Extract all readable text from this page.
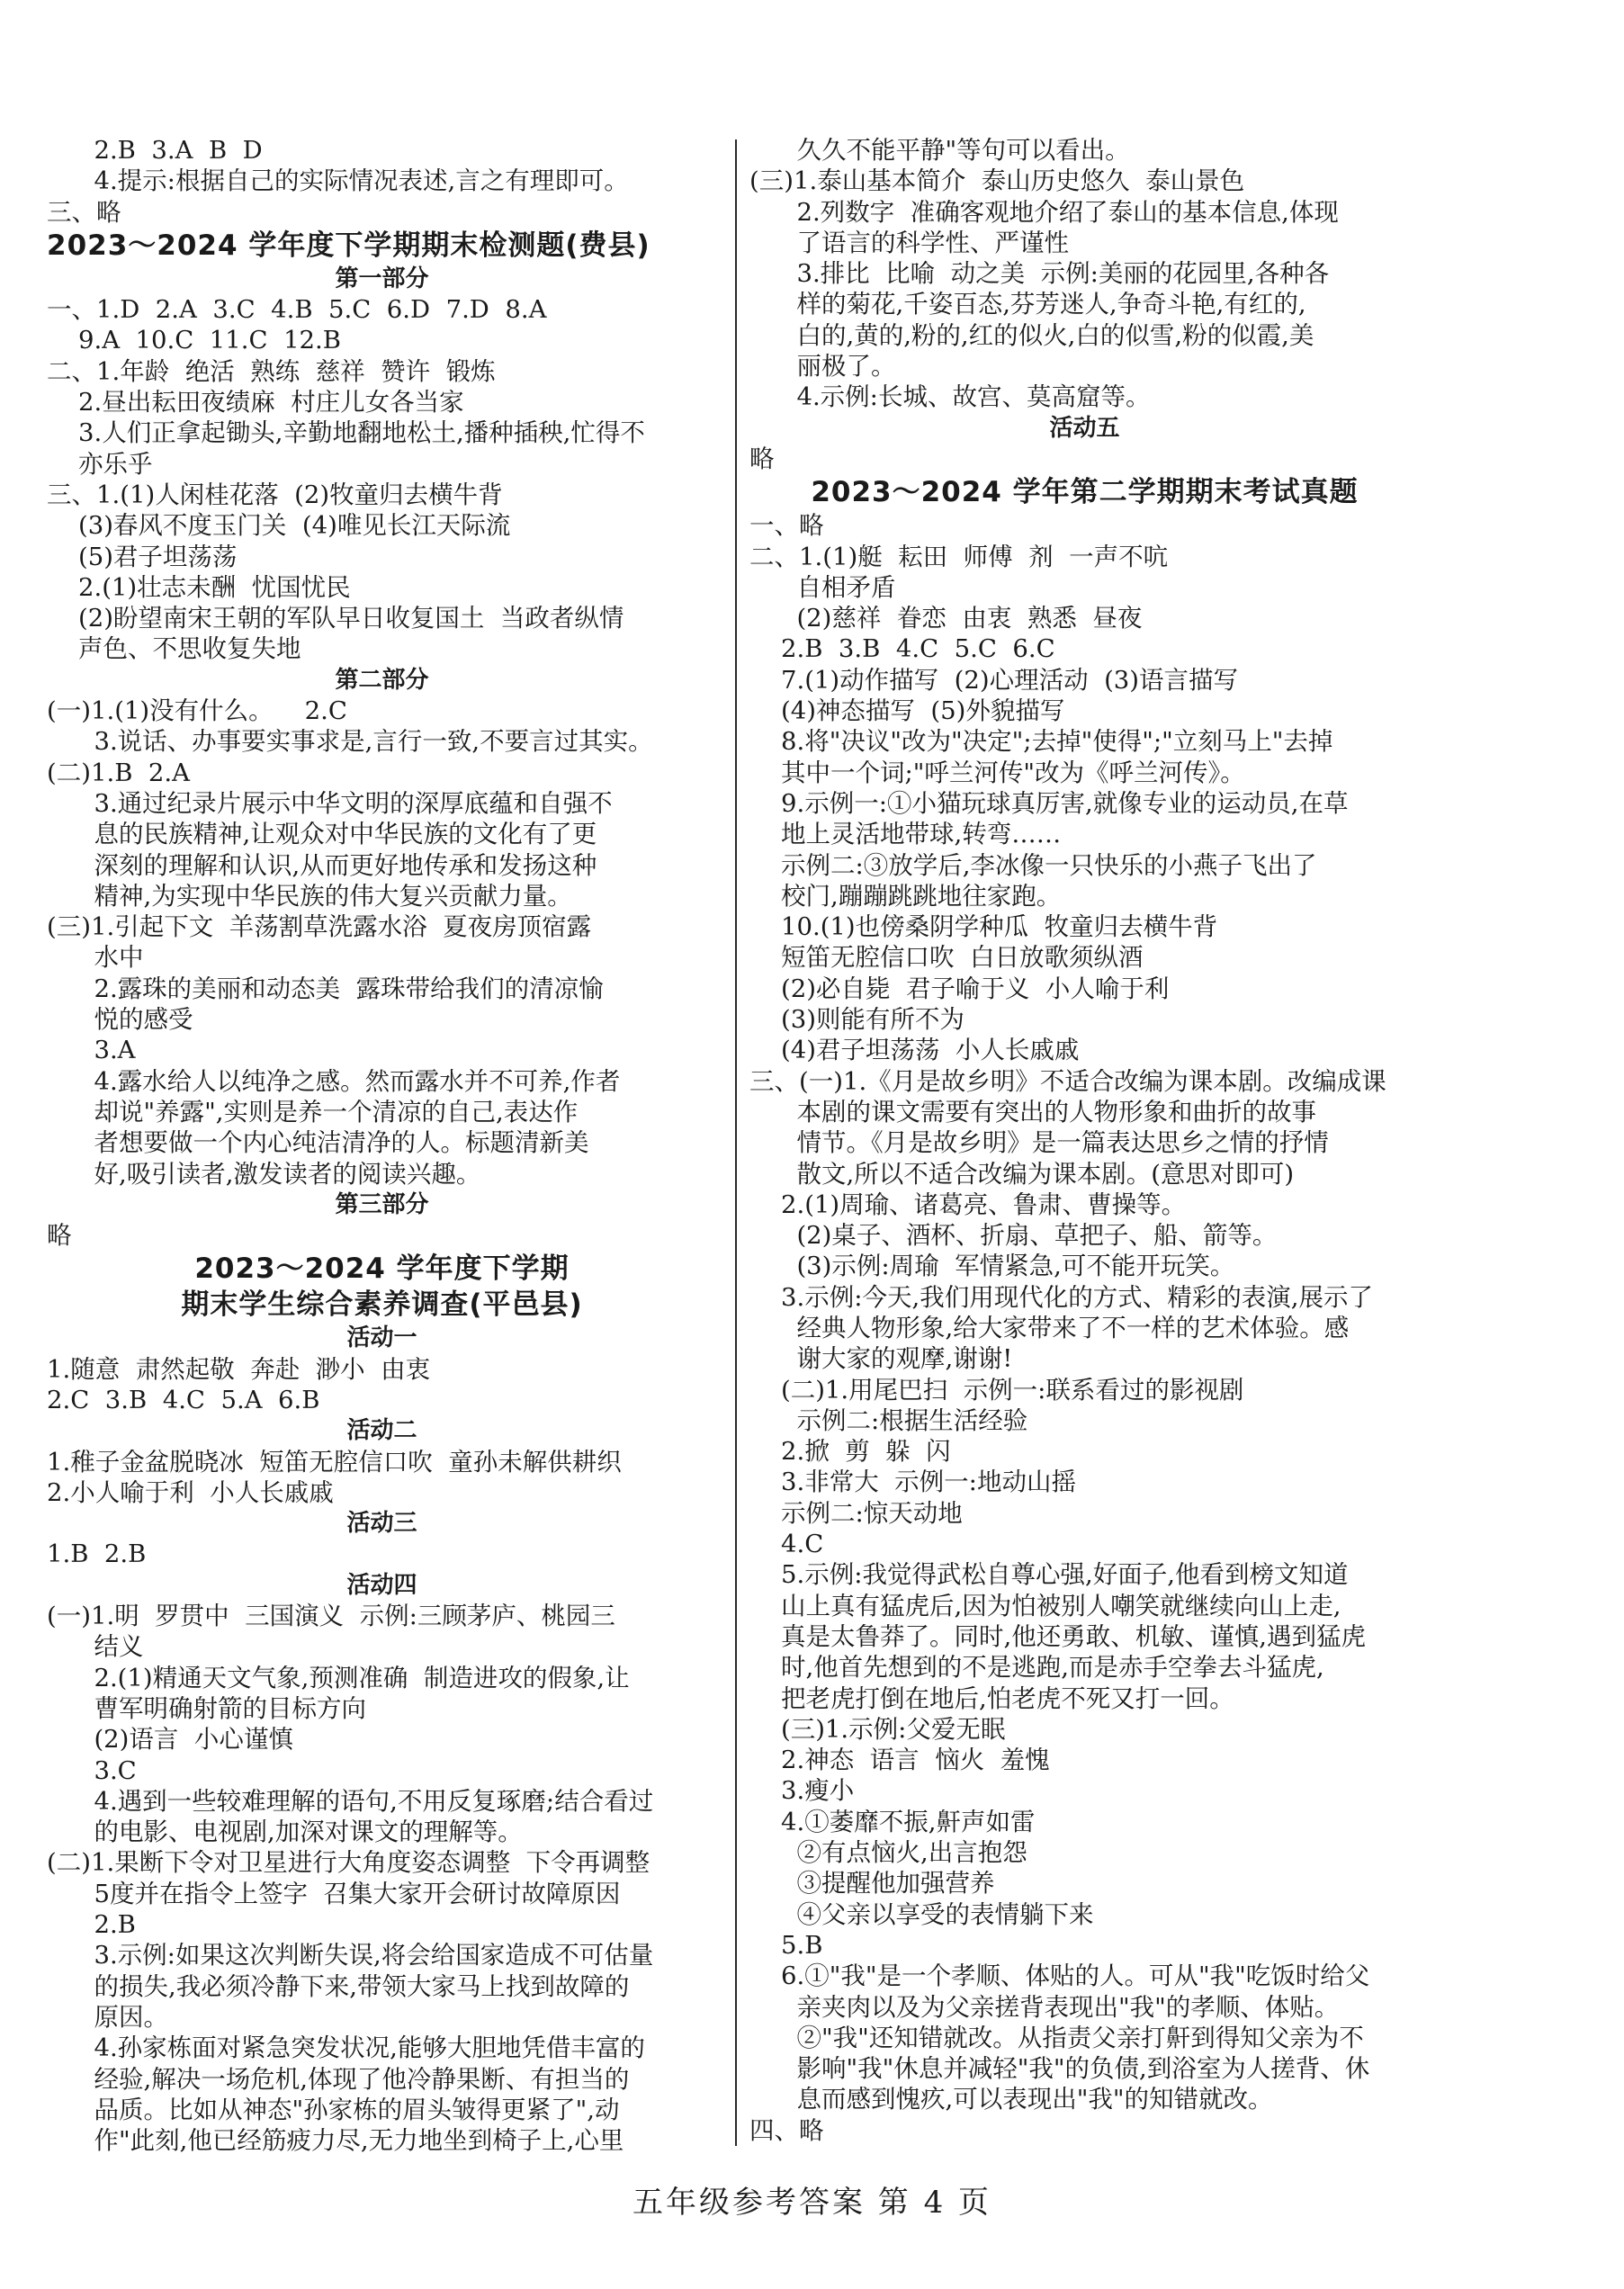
2.B  3.A  B  D
4.提示:根据自己的实际情况表述,言之有理即可。
三、略
2023～2024 学年度下学期期末检测题(费县)
第一部分
一、1.D  2.A  3.C  4.B  5.C  6.D  7.D  8.A
9.A  10.C  11.C  12.B
二、1.年龄  绝活  熟练  慈祥  赞许  锻炼
2.昼出耘田夜绩麻  村庄儿女各当家
3.人们正拿起锄头,辛勤地翻地松土,播种插秧,忙得不
亦乐乎
三、1.(1)人闲桂花落  (2)牧童归去横牛背
(3)春风不度玉门关  (4)唯见长江天际流
(5)君子坦荡荡
2.(1)壮志未酬  忧国忧民
(2)盼望南宋王朝的军队早日收复国土  当政者纵情
声色、不思收复失地
第二部分
(一)1.(1)没有什么。    2.C
3.说话、办事要实事求是,言行一致,不要言过其实。
(二)1.B  2.A
3.通过纪录片展示中华文明的深厚底蕴和自强不
息的民族精神,让观众对中华民族的文化有了更
深刻的理解和认识,从而更好地传承和发扬这种
精神,为实现中华民族的伟大复兴贡献力量。
(三)1.引起下文  羊荡割草洗露水浴  夏夜房顶宿露
水中
2.露珠的美丽和动态美  露珠带给我们的清凉愉
悦的感受
3.A
4.露水给人以纯净之感。然而露水并不可养,作者
却说"养露",实则是养一个清凉的自己,表达作
者想要做一个内心纯洁清净的人。标题清新美
好,吸引读者,激发读者的阅读兴趣。
第三部分
略
2023～2024 学年度下学期
期末学生综合素养调查(平邑县)
活动一
1.随意  肃然起敬  奔赴  渺小  由衷
2.C  3.B  4.C  5.A  6.B
活动二
1.稚子金盆脱晓冰  短笛无腔信口吹  童孙未解供耕织
2.小人喻于利  小人长戚戚
活动三
1.B  2.B
活动四
(一)1.明  罗贯中  三国演义  示例:三顾茅庐、桃园三
结义
2.(1)精通天文气象,预测准确  制造进攻的假象,让
曹军明确射箭的目标方向
(2)语言  小心谨慎
3.C
4.遇到一些较难理解的语句,不用反复琢磨;结合看过
的电影、电视剧,加深对课文的理解等。
(二)1.果断下令对卫星进行大角度姿态调整  下令再调整
5度并在指令上签字  召集大家开会研讨故障原因
2.B
3.示例:如果这次判断失误,将会给国家造成不可估量
的损失,我必须冷静下来,带领大家马上找到故障的
原因。
4.孙家栋面对紧急突发状况,能够大胆地凭借丰富的
经验,解决一场危机,体现了他冷静果断、有担当的
品质。比如从神态"孙家栋的眉头皱得更紧了",动
作"此刻,他已经筋疲力尽,无力地坐到椅子上,心里
久久不能平静"等句可以看出。
(三)1.泰山基本简介  泰山历史悠久  泰山景色
2.列数字  准确客观地介绍了泰山的基本信息,体现
了语言的科学性、严谨性
3.排比  比喻  动之美  示例:美丽的花园里,各种各
样的菊花,千姿百态,芬芳迷人,争奇斗艳,有红的,
白的,黄的,粉的,红的似火,白的似雪,粉的似霞,美
丽极了。
4.示例:长城、故宫、莫高窟等。
活动五
略
2023～2024 学年第二学期期末考试真题
一、略
二、1.(1)艇  耘田  师傅  剂  一声不吭
自相矛盾
(2)慈祥  眷恋  由衷  熟悉  昼夜
2.B  3.B  4.C  5.C  6.C
7.(1)动作描写  (2)心理活动  (3)语言描写
(4)神态描写  (5)外貌描写
8.将"决议"改为"决定";去掉"使得";"立刻马上"去掉
其中一个词;"呼兰河传"改为《呼兰河传》。
9.示例一:①小猫玩球真厉害,就像专业的运动员,在草
地上灵活地带球,转弯……
示例二:③放学后,李冰像一只快乐的小燕子飞出了
校门,蹦蹦跳跳地往家跑。
10.(1)也傍桑阴学种瓜  牧童归去横牛背
短笛无腔信口吹  白日放歌须纵酒
(2)必自毙  君子喻于义  小人喻于利
(3)则能有所不为
(4)君子坦荡荡  小人长戚戚
三、(一)1.《月是故乡明》不适合改编为课本剧。改编成课
本剧的课文需要有突出的人物形象和曲折的故事
情节。《月是故乡明》是一篇表达思乡之情的抒情
散文,所以不适合改编为课本剧。(意思对即可)
2.(1)周瑜、诸葛亮、鲁肃、曹操等。
(2)桌子、酒杯、折扇、草把子、船、箭等。
(3)示例:周瑜  军情紧急,可不能开玩笑。
3.示例:今天,我们用现代化的方式、精彩的表演,展示了
经典人物形象,给大家带来了不一样的艺术体验。感
谢大家的观摩,谢谢!
(二)1.用尾巴扫  示例一:联系看过的影视剧
示例二:根据生活经验
2.掀  剪  躲  闪
3.非常大  示例一:地动山摇
示例二:惊天动地
4.C
5.示例:我觉得武松自尊心强,好面子,他看到榜文知道
山上真有猛虎后,因为怕被别人嘲笑就继续向山上走,
真是太鲁莽了。同时,他还勇敢、机敏、谨慎,遇到猛虎
时,他首先想到的不是逃跑,而是赤手空拳去斗猛虎,
把老虎打倒在地后,怕老虎不死又打一回。
(三)1.示例:父爱无眠
2.神态  语言  恼火  羞愧
3.瘦小
4.①萎靡不振,鼾声如雷
②有点恼火,出言抱怨
③提醒他加强营养
④父亲以享受的表情躺下来
5.B
6.①"我"是一个孝顺、体贴的人。可从"我"吃饭时给父
亲夹肉以及为父亲搓背表现出"我"的孝顺、体贴。
②"我"还知错就改。从指责父亲打鼾到得知父亲为不
影响"我"休息并减轻"我"的负债,到浴室为人搓背、休
息而感到愧疚,可以表现出"我"的知错就改。
四、略
五年级参考答案 第 4 页
